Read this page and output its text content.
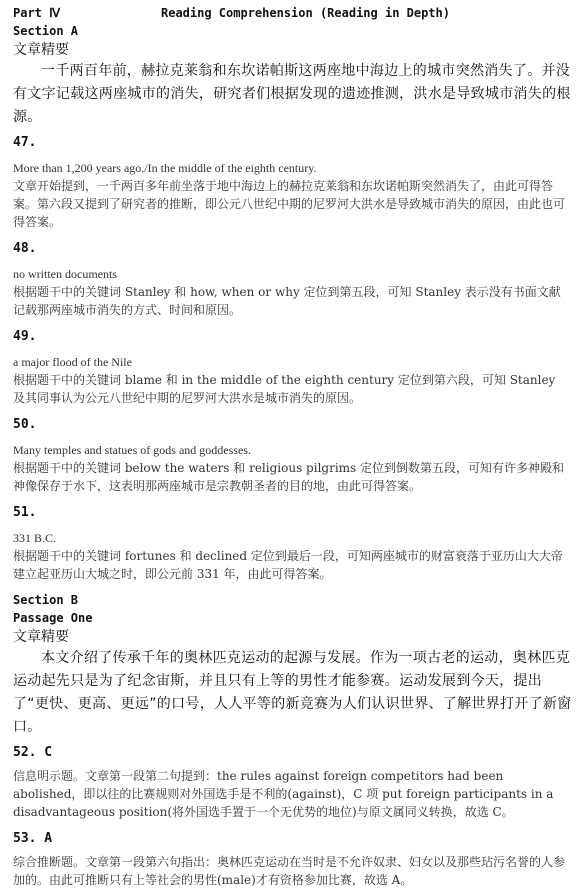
Part Ⅳ	Reading Comprehension (Reading in Depth)
Section A
文章精要

一千两百年前，赫拉克莱翁和东坎诺帕斯这两座地中海边上的城市突然消失了。并没有文字记载这两座城市的消失，研究者们根据发现的遗迹推测，洪水是导致城市消失的根源。

47.
More than 1,200 years ago./In the middle of the eighth century.

文章开始提到，一千两百多年前坐落于地中海边上的赫拉克莱翁和东坎诺帕斯突然消失了，由此可得答案。第六段又提到了研究者的推断，即公元八世纪中期的尼罗河大洪水是导致城市消失的原因，由此也可得答案。

48.
no written documents

根据题干中的关键词 Stanley 和 how, when or why 定位到第五段，可知 Stanley 表示没有书面文献记载那两座城市消失的方式、时间和原因。

49.
a major flood of the Nile

根据题干中的关键词 blame 和 in the middle of the eighth century 定位到第六段，可知 Stanley 及其同事认为公元八世纪中期的尼罗河大洪水是城市消失的原因。

50.
Many temples and statues of gods and goddesses.

根据题干中的关键词 below the waters 和 religious pilgrims 定位到倒数第五段，可知有许多神殿和神像保存于水下，这表明那两座城市是宗教朝圣者的目的地，由此可得答案。

51.
331 B.C.

根据题干中的关键词 fortunes 和 declined 定位到最后一段，可知两座城市的财富衰落于亚历山大大帝建立起亚历山大城之时，即公元前 331 年，由此可得答案。

Section B
Passage One
文章精要

本文介绍了传承千年的奥林匹克运动的起源与发展。作为一项古老的运动，奥林匹克运动起先只是为了纪念宙斯，并且只有上等的男性才能参赛。运动发展到今天，提出了“更快、更高、更远”的口号，人人平等的新竞赛为人们认识世界、了解世界打开了新窗口。

52. C

信息明示题。文章第一段第二句提到：the rules against foreign competitors had been abolished，即以往的比赛规则对外国选手是不利的(against)，C 项 put foreign participants in a disadvantageous position(将外国选手置于一个无优势的地位)与原文属同义转换，故选 C。

53. A

综合推断题。文章第一段第六句指出：奥林匹克运动在当时是不允许奴隶、妇女以及那些玷污名誉的人参加的。由此可推断只有上等社会的男性(male)才有资格参加比赛，故选 A。
